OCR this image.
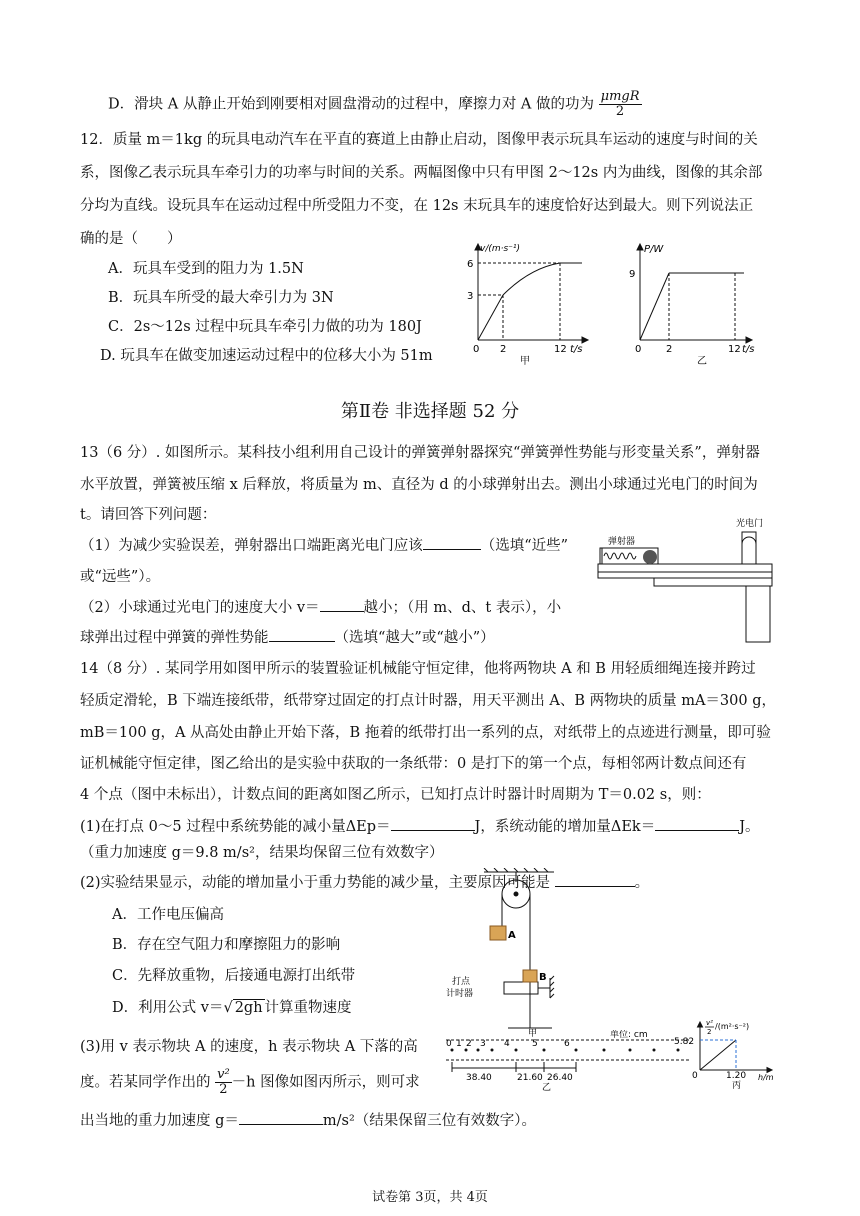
D．滑块 A 从静止开始到刚要相对圆盘滑动的过程中，摩擦力对 A 做的功为 $\frac{\text{μmgR}}{2}$
12．质量 m＝1kg 的玩具电动汽车在平直的赛道上由静止启动，图像甲表示玩具车运动的速度与时间的关
系，图像乙表示玩具车牵引力的功率与时间的关系。两幅图像中只有甲图 2～12s 内为曲线，图像的其余部
分均为直线。设玩具车在运动过程中所受阻力不变，在 12s 末玩具车的速度恰好达到最大。则下列说法正
确的是（　　）
A．玩具车受到的阻力为 1.5N
B．玩具车所受的最大牵引力为 3N
C．2s～12s 过程中玩具车牵引力做的功为 180J
D. 玩具车在做变加速运动过程中的位移大小为 51m
v/(m·s⁻¹)
6
3
0 2	12 t/s
甲
P/W
9
0 2	12 t/s
乙
第Ⅱ卷 非选择题 52 分
13（6 分）. 如图所示。某科技小组利用自己设计的弹簧弹射器探究“弹簧弹性势能与形变量关系”，弹射器
水平放置，弹簧被压缩 x 后释放，将质量为 m、直径为 d 的小球弹射出去。测出小球通过光电门的时间为
t。请回答下列问题：
（1）为减少实验误差，弹射器出口端距离光电门应该	（选填“近些”
或“远些”）。
（2）小球通过光电门的速度大小 v＝	越小；（用 m、d、t 表示），小
球弹出过程中弹簧的弹性势能	（选填“越大”或“越小”）
弹射器
光电门
14（8 分）. 某同学用如图甲所示的装置验证机械能守恒定律，他将两物块 A 和 B 用轻质细绳连接并跨过
轻质定滑轮，B 下端连接纸带，纸带穿过固定的打点计时器，用天平测出 A、B 两物块的质量 mA＝300 g，
mB＝100 g，A 从高处由静止开始下落，B 拖着的纸带打出一系列的点，对纸带上的点迹进行测量，即可验
证机械能守恒定律，图乙给出的是实验中获取的一条纸带：0 是打下的第一个点，每相邻两计数点间还有
4 个点（图中未标出），计数点间的距离如图乙所示，已知打点计时器计时周期为 T＝0.02 s，则：
(1)在打点 0～5 过程中系统势能的减小量ΔEp＝	J，系统动能的增加量ΔEk＝	J。
（重力加速度 g＝9.8 m/s²，结果均保留三位有效数字）
(2)实验结果显示，动能的增加量小于重力势能的减少量，主要原因可能是	。
A．工作电压偏高
B．存在空气阻力和摩擦阻力的影响
C．先释放重物，后接通电源打出纸带
D．利用公式 v＝√ 2gh 计算重物速度
(3)用 v 表示物块 A 的速度，h 表示物块 A 下落的高
度。若某同学作出的 $\frac{\text{v²}}{2} -h$ 图像如图丙所示，则可求
出当地的重力加速度 g＝	m/s²（结果保留三位有效数字）。
A
B
打点
计时器
甲
0 1 2 3 4 5	6
单位: cm
38.40	21.60 26.40
乙
v²
2
/(m²·s⁻²)
5.82
0	1.20 h/m
丙
试卷第 3页，共 4页
